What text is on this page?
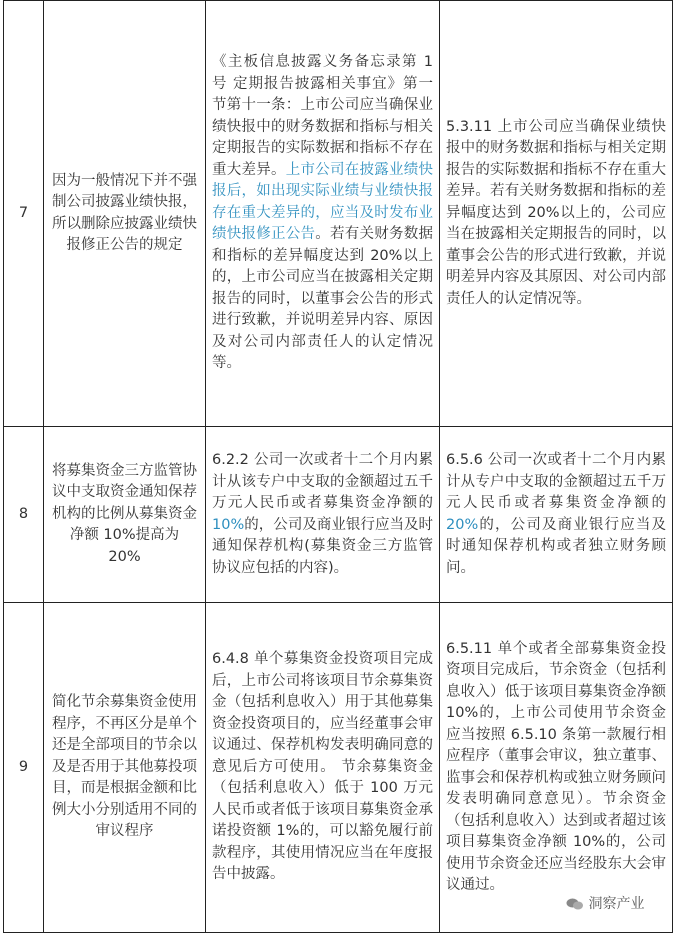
7	因为一般情况下并不强制公司披露业绩快报，所以删除应披露业绩快报修正公告的规定	《主板信息披露义务备忘录第 1 号 定期报告披露相关事宜》第一节第十一条：上市公司应当确保业绩快报中的财务数据和指标与相关定期报告的实际数据和指标不存在重大差异。上市公司在披露业绩快报后，如出现实际业绩与业绩快报存在重大差异的，应当及时发布业绩快报修正公告。若有关财务数据和指标的差异幅度达到 20%以上的，上市公司应当在披露相关定期报告的同时，以董事会公告的形式进行致歉，并说明差异内容、原因及对公司内部责任人的认定情况等。	5.3.11 上市公司应当确保业绩快报中的财务数据和指标与相关定期报告的实际数据和指标不存在重大差异。若有关财务数据和指标的差异幅度达到 20%以上的，公司应当在披露相关定期报告的同时，以董事会公告的形式进行致歉，并说明差异内容及其原因、对公司内部责任人的认定情况等。
8	将募集资金三方监管协议中支取资金通知保荐机构的比例从募集资金净额 10%提高为 20%	6.2.2 公司一次或者十二个月内累计从该专户中支取的金额超过五千万元人民币或者募集资金净额的 10%的，公司及商业银行应当及时通知保荐机构(募集资金三方监管协议应包括的内容)。	6.5.6 公司一次或者十二个月内累计从专户中支取的金额超过五千万元人民币或者募集资金净额的 20%的，公司及商业银行应当及时通知保荐机构或者独立财务顾问。
9	简化节余募集资金使用程序，不再区分是单个还是全部项目的节余以及是否用于其他募投项目，而是根据金额和比例大小分别适用不同的审议程序	6.4.8 单个募集资金投资项目完成后，上市公司将该项目节余募集资金（包括利息收入）用于其他募集资金投资项目的，应当经董事会审议通过、保荐机构发表明确同意的意见后方可使用。 节余募集资金（包括利息收入）低于 100 万元人民币或者低于该项目募集资金承诺投资额 1%的，可以豁免履行前款程序，其使用情况应当在年度报告中披露。	6.5.11 单个或者全部募集资金投资项目完成后，节余资金（包括利息收入）低于该项目募集资金净额 10%的，上市公司使用节余资金应当按照 6.5.10 条第一款履行相应程序（董事会审议，独立董事、监事会和保荐机构或独立财务顾问发表明确同意意见）。节余资金（包括利息收入）达到或者超过该项目募集资金净额 10%的，公司使用节余资金还应当经股东大会审议通过。
洞察产业
